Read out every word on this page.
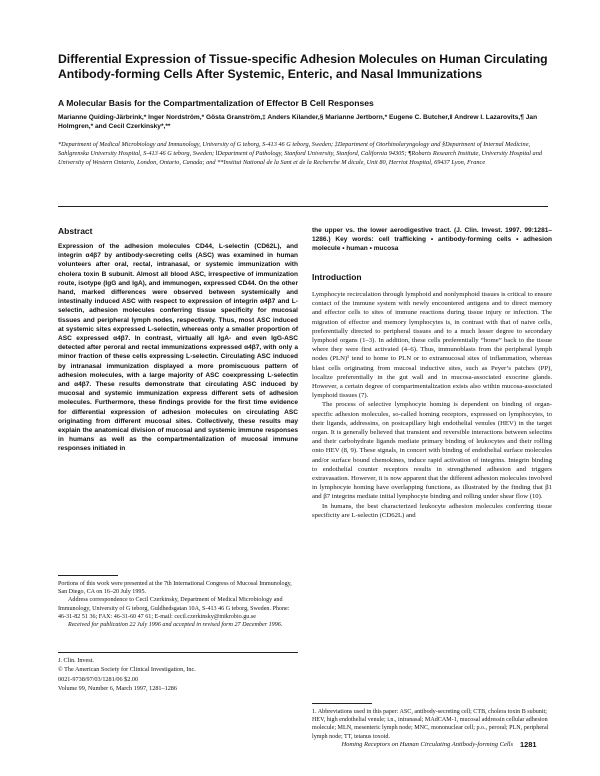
Differential Expression of Tissue-specific Adhesion Molecules on Human Circulating Antibody-forming Cells After Systemic, Enteric, and Nasal Immunizations
A Molecular Basis for the Compartmentalization of Effector B Cell Responses
Marianne Quiding-Järbrink,* Inger Nordström,* Gösta Granström,‡ Anders Kilander,§ Marianne Jertborn,* Eugene C. Butcher,‖ Andrew I. Lazarovits,¶ Jan Holmgren,* and Cecil Czerkinsky*,**
*Department of Medical Microbiology and Immunology, University of G teborg, S-413 46 G teborg, Sweden; ‡Department of Otorhinolaryngology and §Department of Internal Medicine, Sahlgrenska University Hospital, S-413 46 G teborg, Sweden; ‖Department of Pathology, Stanford University, Stanford, California 94305; ¶Robarts Research Institute, University Hospital and University of Western Ontario, London, Ontario, Canada; and **Institut National de la Sant et de la Recherche M dicale, Unit 80, Herriot Hospital, 69437 Lyon, France
Abstract

Expression of the adhesion molecules CD44, L-selectin (CD62L), and integrin α4β7 by antibody-secreting cells (ASC) was examined in human volunteers after oral, rectal, intranasal, or systemic immunization with cholera toxin B subunit. Almost all blood ASC, irrespective of immunization route, isotype (IgG and IgA), and immunogen, expressed CD44. On the other hand, marked differences were observed between systemically and intestinally induced ASC with respect to expression of integrin α4β7 and L-selectin, adhesion molecules conferring tissue specificity for mucosal tissues and peripheral lymph nodes, respectively. Thus, most ASC induced at systemic sites expressed L-selectin, whereas only a smaller proportion of ASC expressed α4β7. In contrast, virtually all IgA- and even IgG-ASC detected after peroral and rectal immunizations expressed α4β7, with only a minor fraction of these cells expressing L-selectin. Circulating ASC induced by intranasal immunization displayed a more promiscuous pattern of adhesion molecules, with a large majority of ASC coexpressing L-selectin and α4β7. These results demonstrate that circulating ASC induced by mucosal and systemic immunization express different sets of adhesion molecules. Furthermore, these findings provide for the first time evidence for differential expression of adhesion molecules on circulating ASC originating from different mucosal sites. Collectively, these results may explain the anatomical division of mucosal and systemic immune responses in humans as well as the compartmentalization of mucosal immune responses initiated in

the upper vs. the lower aerodigestive tract. (J. Clin. Invest. 1997. 99:1281–1286.) Key words: cell trafficking • antibody-forming cells • adhesion molecule • human • mucosa

Introduction

Lymphocyte recirculation through lymphoid and nonlymphoid tissues is critical to ensure contact of the immune system with newly encountered antigens and to direct memory and effector cells to sites of immune reactions during tissue injury or infection. The migration of effector and memory lymphocytes is, in contrast with that of naive cells, preferentially directed to peripheral tissues and to a much lesser degree to secondary lymphoid organs (1–3). In addition, these cells preferentially “home” back to the tissue where they were first activated (4–6). Thus, immunoblasts from the peripheral lymph nodes (PLN)¹ tend to home to PLN or to extramucosal sites of inflammation, whereas blast cells originating from mucosal inductive sites, such as Peyer’s patches (PP), localize preferentially in the gut wall and in mucosa-associated exocrine glands. However, a certain degree of compartmentalization exists also within mucosa-associated lymphoid tissues (7).

The process of selective lymphocyte homing is dependent on binding of organ-specific adhesion molecules, so-called homing receptors, expressed on lymphocytes, to their ligands, addressins, on postcapillary high endothelial venules (HEV) in the target organ. It is generally believed that transient and reversible interactions between selectins and their carbohydrate ligands mediate primary binding of leukocytes and their rolling onto HEV (8, 9). These signals, in concert with binding of endothelial surface molecules and/or surface bound chemokines, induce rapid activation of integrins. Integrin binding to endothelial counter receptors results in strengthened adhesion and triggers extravasation. However, it is now apparent that the different adhesion molecules involved in lymphocyte homing have overlapping functions, as illustrated by the finding that β1 and β7 integrins mediate initial lymphocyte binding and rolling under shear flow (10).

In humans, the best characterized leukocyte adhesion molecules conferring tissue specificity are L-selectin (CD62L) and

Portions of this work were presented at the 7th International Congress of Mucosal Immunology, San Diego, CA on 16–20 July 1995.

Address correspondence to Cecil Czerkinsky, Department of Medical Microbiology and Immunology, University of G teborg, Guldhedsgatan 10A, S-413 46 G teborg, Sweden. Phone: 46-31-82 51 36; FAX: 46-31-60 47 61; E-mail: cecil.czerkinsky@mikrobio.gu.se

Received for publication 22 July 1996 and accepted in revised form 27 December 1996.

J. Clin. Invest.

© The American Society for Clinical Investigation, Inc.

0021-9738/97/03/1281/06 $2.00

Volume 99, Number 6, March 1997, 1281–1286

1. Abbreviations used in this paper: ASC, antibody-secreting cell; CTB, cholera toxin B subunit; HEV, high endothelial venule; i.n., intranasal; MAdCAM-1, mucosal addressin cellular adhesion molecule; MLN, mesenteric lymph node; MNC, mononuclear cell; p.o., peroral; PLN, peripheral lymph node; TT, tetanus toxoid.
Homing Receptors on Human Circulating Antibody-forming Cells 1281
